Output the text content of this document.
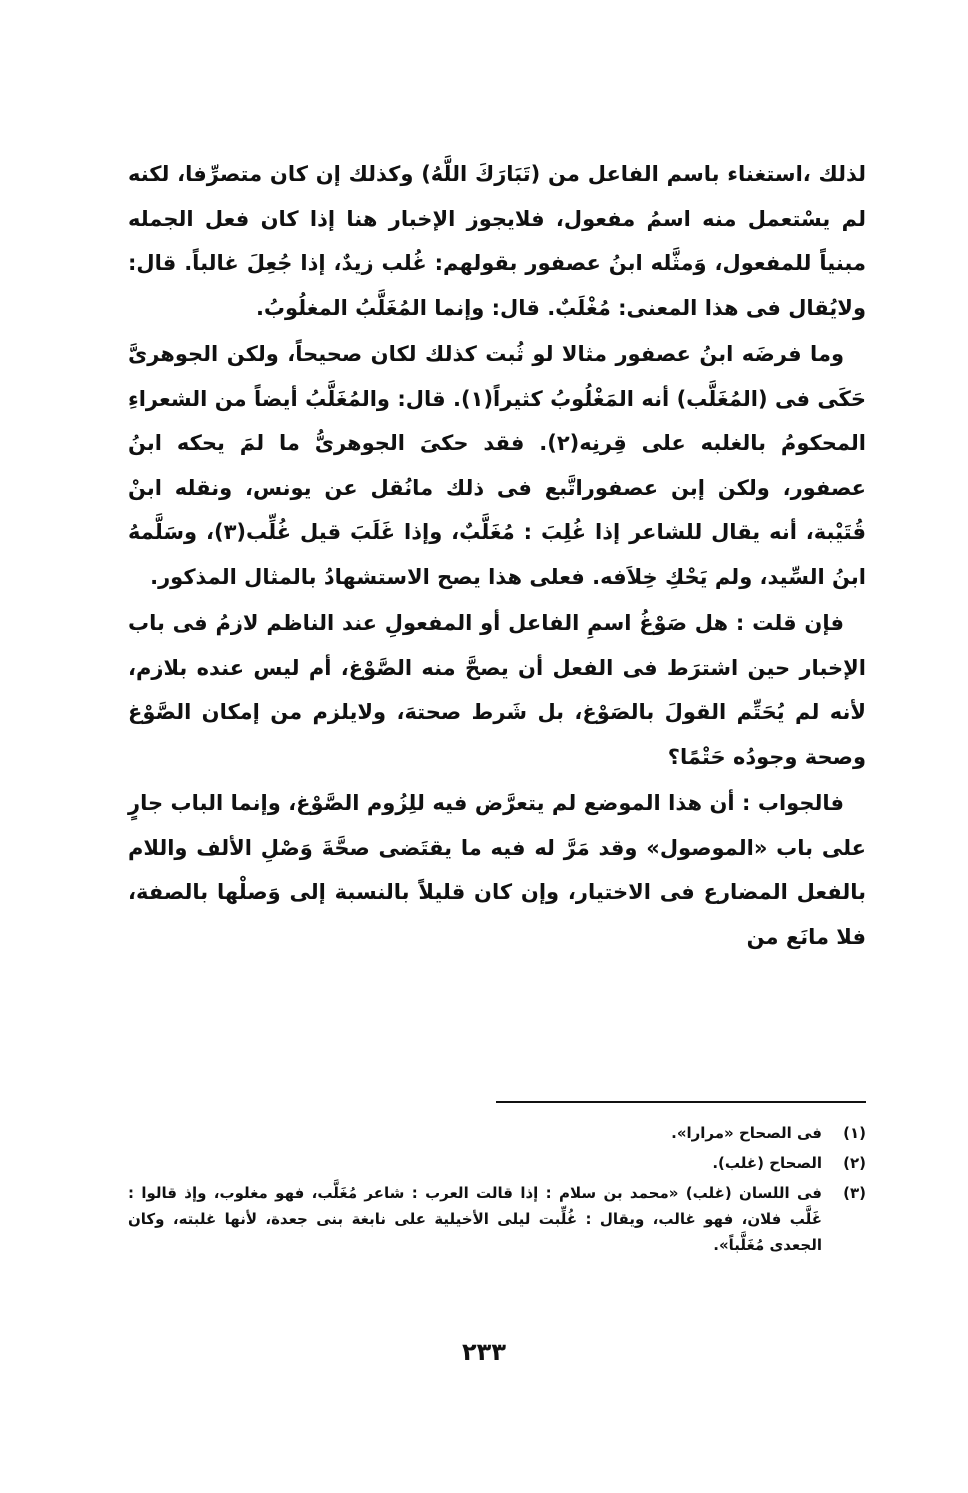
لذلك ،استغناء باسم الفاعل من (تَبَارَكَ اللَّهُ) وكذلك إن كان متصرِّفا، لكنه لم يسْتعمل منه اسمُ مفعول، فلايجوز الإخبار هنا إذا كان فعل الجمله مبنياً للمفعول، وَمثَّله ابنُ عصفور بقولهم: غُلب زيدٌ، إذا جُعِلَ غالباً. قال: ولايُقال فى هذا المعنى: مُغْلَبٌ. قال: وإنما المُغَلَّبُ المغلُوبُ.

وما فرضَه ابنُ عصفور مثالا لو ثُبت كذلك لكان صحيحاً، ولكن الجوهرىَّ حَكَى فى (المُغَلَّب) أنه المَغْلُوبُ كثيراً(١). قال: والمُغَلَّبُ أيضاً من الشعراءِ المحكومُ بالغلبه على قِرنِه(٢). فقد حكىَ الجوهرىُّ ما لمَ يحكه ابنُ عصفور، ولكن إبن عصفوراتَّبع فى ذلك مانُقل عن يونس، ونقله ابنْ قُتَيْبة، أنه يقال للشاعر إذا غُلِبَ : مُغَلَّبٌ، وإذا غَلَبَ قيل غُلِّب(٣)، وسَلَّمهُ ابنُ السِّيد، ولم يَحْكِ خِلاَفه. فعلى هذا يصح الاستشهادُ بالمثال المذكور.

فإن قلت : هل صَوْغُ اسمِ الفاعل أو المفعولِ عند الناظم لازمُ فى باب الإخبار حين اشترَط فى الفعل أن يصحَّ منه الصَّوْغ، أم ليس عنده بلازم، لأنه لم يُحَتِّم القولَ بالصَوْغ، بل شَرط صحتهَ، ولايلزم من إمكان الصَّوْغ وصحة وجودُه حَتْمًا؟

فالجواب : أن هذا الموضع لم يتعرَّض فيه للِزُوم الصَّوْغ، وإنما الباب جارٍ على باب «الموصول» وقد مَرَّ له فيه ما يقتَضى صحَّةَ وَصْلِ الألف واللام بالفعل المضارع فى الاختيار، وإن كان قليلاً بالنسبة إلى وَصلْها بالصفة، فلا مانَع من

(١)
فى الصحاح «مرارا».
(٢)
الصحاح (غلب).
(٣)
فى اللسان (غلب) «محمد بن سلام : إذا قالت العرب : شاعر مُغَلَّب، فهو مغلوب، وإذ قالوا : غَلَّب فلان، فهو غالب، ويقال : غُلِّبت ليلى الأخيلية على نابغة بنى جعدة، لأنها غلبته، وكان الجعدى مُغَلَّباً».
٢٣٣
